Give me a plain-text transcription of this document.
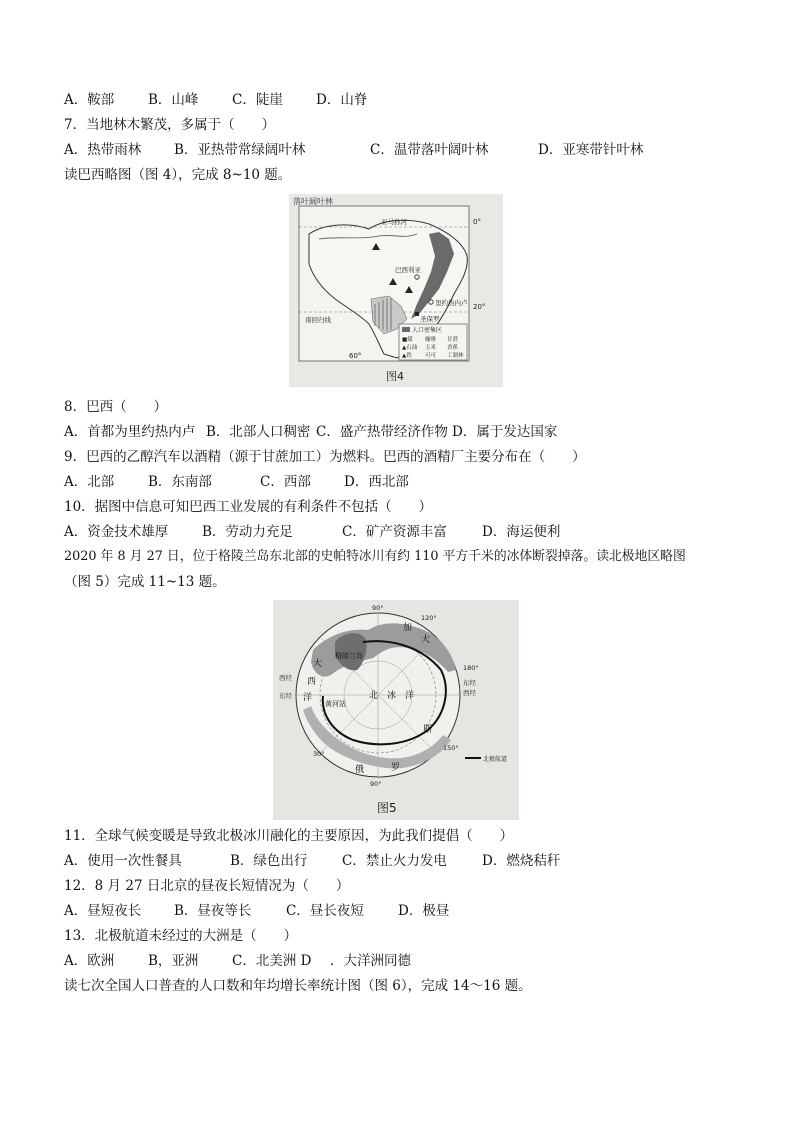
A．鞍部	B．山峰 C．陡崖 D．山脊
7．当地林木繁茂，多属于（　　）
A．热带雨林 B．亚热带常绿阔叶林	C．温带落叶阔叶林	D．亚寒带针叶林
读巴西略图（图 4），完成 8~10 题。
落叶阔叶林
亚马孙河	0°
巴西利亚
里约热内卢 20°
圣保罗
南回归线
60°
人口密集区
■煤 咖啡 甘蔗
▲石油 玉米 香蕉
▲铁 可可 工制林
图4
8．巴西（　　）
A．首都为里约热内卢 B．北部人口稠密 C．盛产热带经济作物 D．属于发达国家
9．巴西的乙醇汽车以酒精（源于甘蔗加工）为燃料。巴西的酒精厂主要分布在（　　）
A．北部	B．东南部	C．西部 D．西北部
10．据图中信息可知巴西工业发展的有利条件不包括（　　）
A．资金技术雄厚	B．劳动力充足	C．矿产资源丰富	D．海运便利
2020 年 8 月 27 日，位于格陵兰岛东北部的史帕特冰川有约 110 平方千米的冰体断裂掉落。读北极地区略图
（图 5）完成 11~13 题。
90°
120°
180°
150°
90°
30°
西经
东经
东经
西经
格陵兰岛
黄河站
北　冰　洋
加
大
俄	罗
斯
大
西
洋
北极航道
图5
11．全球气候变暖是导致北极冰川融化的主要原因，为此我们提倡（　　）
A．使用一次性餐具	B．绿色出行	C．禁止火力发电	D．燃烧秸秆
12．8 月 27 日北京的昼夜长短情况为（　　）
A．昼短夜长 B．昼夜等长	C．昼长夜短	D．极昼
13．北极航道未经过的大洲是（　　）
A．欧洲	B，亚洲 C．北美洲 D ．大洋洲同德
读七次全国人口普查的人口数和年均增长率统计图（图 6），完成 14～16 题。
